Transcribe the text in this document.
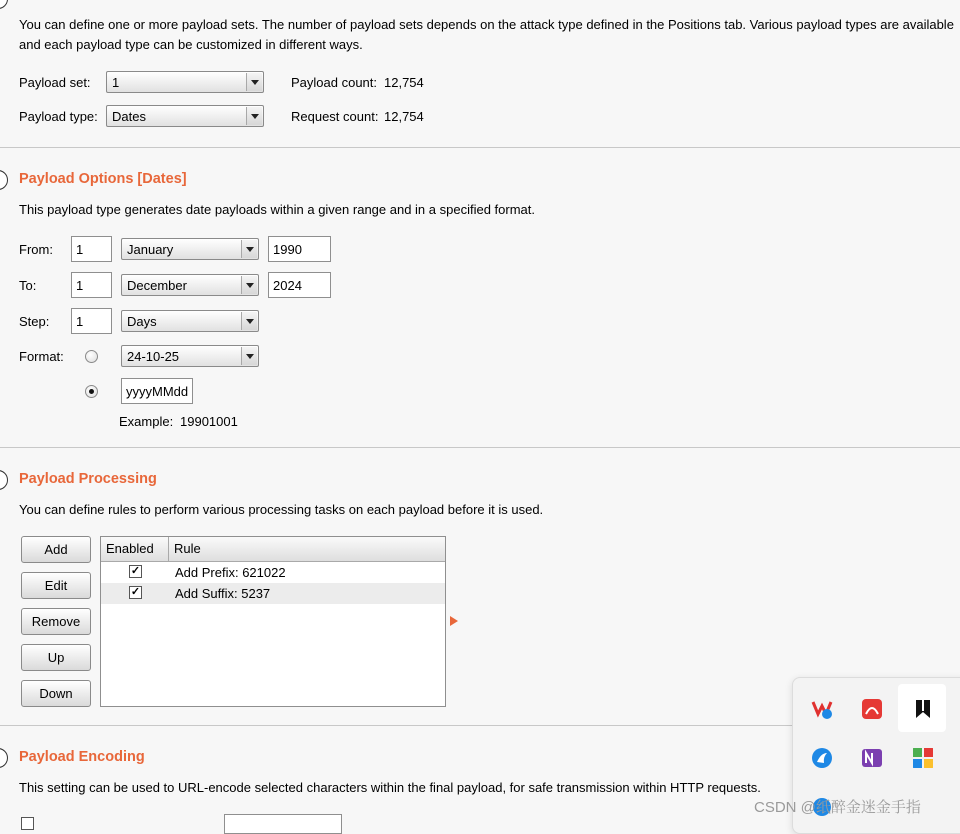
You can define one or more payload sets. The number of payload sets depends on the attack type defined in the Positions tab. Various payload types are available
and each payload type can be customized in different ways.
Payload set: 1	Payload count: 12,754
Payload type: Dates	Request count: 12,754
Payload Options [Dates]
This payload type generates date payloads within a given range and in a specified format.
From: 1	January	1990
To:	1	December	2024
Step: 1	Days
Format:	24-10-25
yyyyMMdd
Example: 19901001
Payload Processing
You can define rules to perform various processing tasks on each payload before it is used.
Add
Edit
Remove
Up
Down
Enabled Rule
✓	Add Prefix: 621022
✓	Add Suffix: 5237
Payload Encoding
This setting can be used to URL-encode selected characters within the final payload, for safe transmission within HTTP requests.
CSDN @纸醉金迷金手指
